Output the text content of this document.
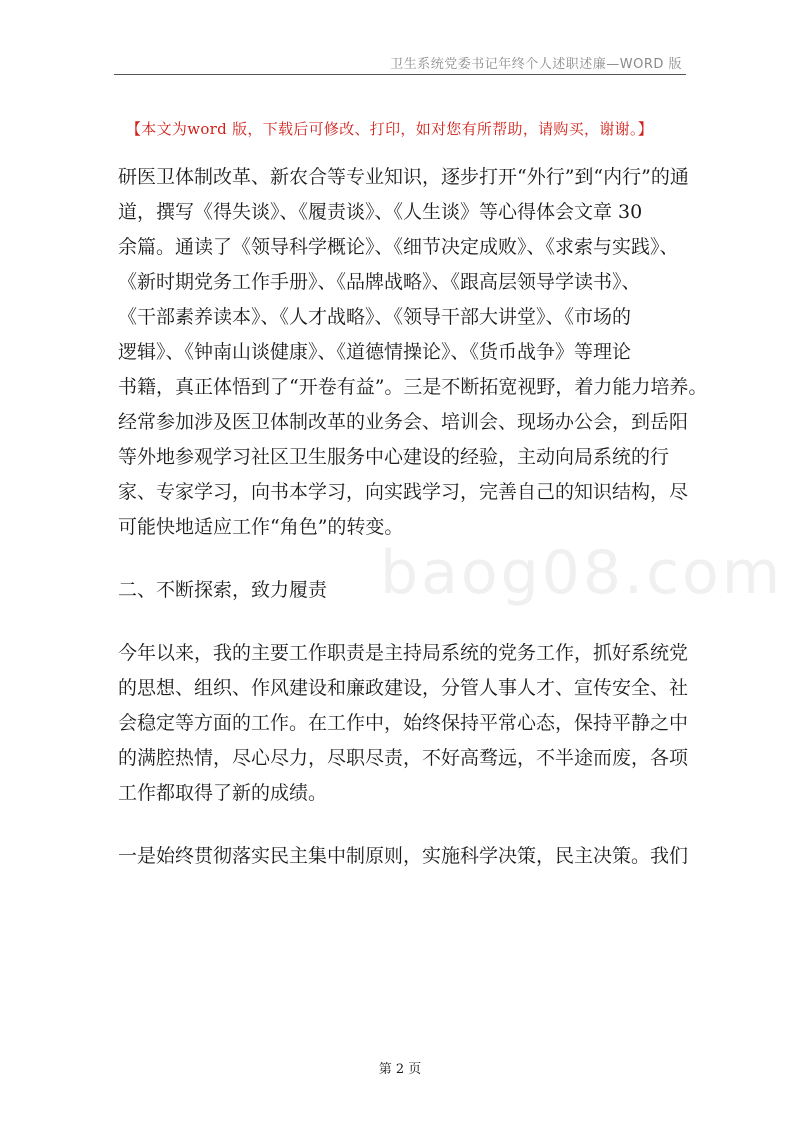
卫生系统党委书记年终个人述职述廉—WORD 版
【本文为word 版，下载后可修改、打印，如对您有所帮助，请购买，谢谢。】
baog08.com
研医卫体制改革、新农合等专业知识，逐步打开“外行”到“内行”的通
道，撰写《得失谈》、《履责谈》、《人生谈》等心得体会文章 30
余篇。通读了《领导科学概论》、《细节决定成败》、《求索与实践》、
《新时期党务工作手册》、《品牌战略》、《跟高层领导学读书》、
《干部素养读本》、《人才战略》、《领导干部大讲堂》、《市场的
逻辑》、《钟南山谈健康》、《道德情操论》、《货币战争》等理论
书籍，真正体悟到了“开卷有益”。三是不断拓宽视野，着力能力培养。
经常参加涉及医卫体制改革的业务会、培训会、现场办公会，到岳阳
等外地参观学习社区卫生服务中心建设的经验，主动向局系统的行
家、专家学习，向书本学习，向实践学习，完善自己的知识结构，尽
可能快地适应工作“角色”的转变。
二、不断探索，致力履责
今年以来，我的主要工作职责是主持局系统的党务工作，抓好系统党
的思想、组织、作风建设和廉政建设，分管人事人才、宣传安全、社
会稳定等方面的工作。在工作中，始终保持平常心态，保持平静之中
的满腔热情，尽心尽力，尽职尽责，不好高骛远，不半途而废，各项
工作都取得了新的成绩。
一是始终贯彻落实民主集中制原则，实施科学决策，民主决策。我们
第 2 页
